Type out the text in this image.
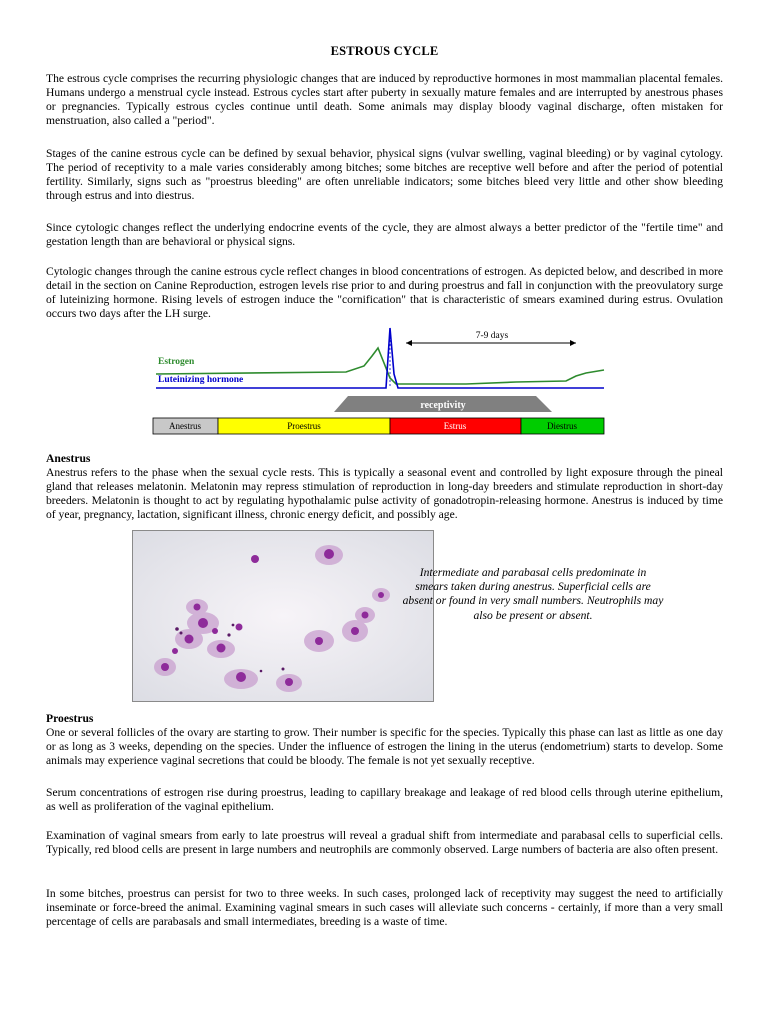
ESTROUS CYCLE

The estrous cycle comprises the recurring physiologic changes that are induced by reproductive hormones in most mammalian placental females. Humans undergo a menstrual cycle instead. Estrous cycles start after puberty in sexually mature females and are interrupted by anestrous phases or pregnancies. Typically estrous cycles continue until death. Some animals may display bloody vaginal discharge, often mistaken for menstruation, also called a "period".

Stages of the canine estrous cycle can be defined by sexual behavior, physical signs (vulvar swelling, vaginal bleeding) or by vaginal cytology. The period of receptivity to a male varies considerably among bitches; some bitches are receptive well before and after the period of potential fertility. Similarly, signs such as "proestrus bleeding" are often unreliable indicators; some bitches bleed very little and other show bleeding through estrus and into diestrus.

Since cytologic changes reflect the underlying endocrine events of the cycle, they are almost always a better predictor of the "fertile time" and gestation length than are behavioral or physical signs.

Cytologic changes through the canine estrous cycle reflect changes in blood concentrations of estrogen. As depicted below, and described in more detail in the section on Canine Reproduction, estrogen levels rise prior to and during proestrus and fall in conjunction with the preovulatory surge of luteinizing hormone. Rising levels of estrogen induce the "cornification" that is characteristic of smears examined during estrus. Ovulation occurs two days after the LH surge.

7-9 days
Estrogen
Luteinizing hormone
receptivity
Anestrus	Proestrus	Estrus	Diestrus
Anestrus

Anestrus refers to the phase when the sexual cycle rests. This is typically a seasonal event and controlled by light exposure through the pineal gland that releases melatonin. Melatonin may repress stimulation of reproduction in long-day breeders and stimulate reproduction in short-day breeders. Melatonin is thought to act by regulating hypothalamic pulse activity of gonadotropin-releasing hormone. Anestrus is induced by time of year, pregnancy, lactation, significant illness, chronic energy deficit, and possibly age.

Intermediate and parabasal cells predominate in smears taken during anestrus. Superficial cells are absent or found in very small numbers. Neutrophils may also be present or absent.
Proestrus

One or several follicles of the ovary are starting to grow. Their number is specific for the species. Typically this phase can last as little as one day or as long as 3 weeks, depending on the species. Under the influence of estrogen the lining in the uterus (endometrium) starts to develop. Some animals may experience vaginal secretions that could be bloody. The female is not yet sexually receptive.

Serum concentrations of estrogen rise during proestrus, leading to capillary breakage and leakage of red blood cells through uterine epithelium, as well as proliferation of the vaginal epithelium.

Examination of vaginal smears from early to late proestrus will reveal a gradual shift from intermediate and parabasal cells to superficial cells. Typically, red blood cells are present in large numbers and neutrophils are commonly observed. Large numbers of bacteria are also often present.

In some bitches, proestrus can persist for two to three weeks. In such cases, prolonged lack of receptivity may suggest the need to artificially inseminate or force-breed the animal. Examining vaginal smears in such cases will alleviate such concerns - certainly, if more than a very small percentage of cells are parabasals and small intermediates, breeding is a waste of time.
